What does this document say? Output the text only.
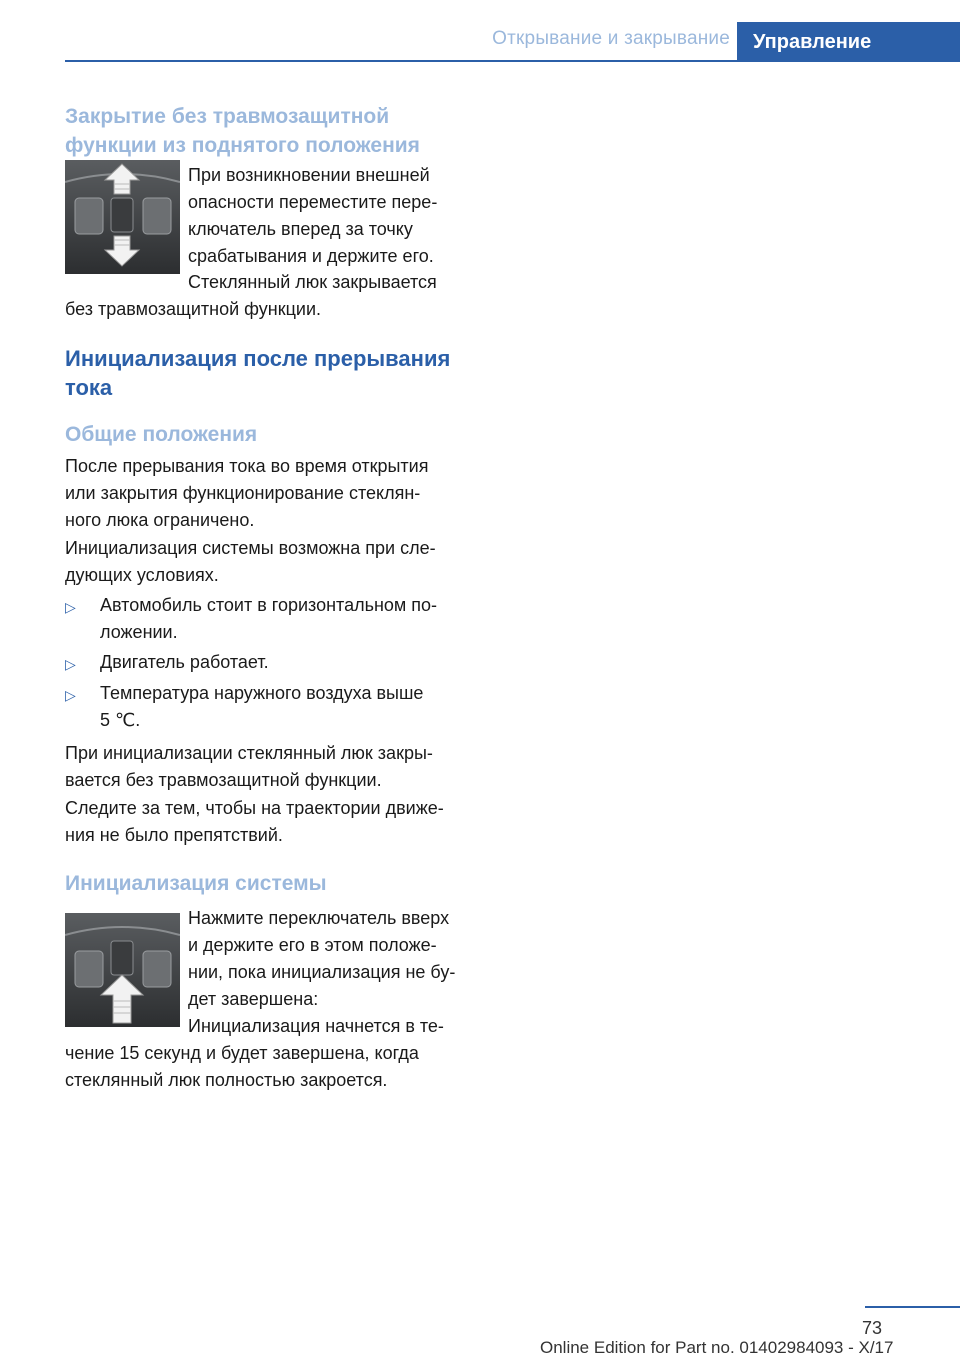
Открывание и закрывание	Управление
Закрытие без травмозащитной
функции из поднятого положения
При возникновении внешней
опасности переместите пере‐
ключатель вперед за точку
срабатывания и держите его.
Стеклянный люк закрывается
без травмозащитной функции.
Инициализация после прерывания
тока
Общие положения
После прерывания тока во время открытия
или закрытия функционирование стеклян‐
ного люка ограничено.
Инициализация системы возможна при сле‐
дующих условиях.
▷ Автомобиль стоит в горизонтальном по‐
ложении.
▷ Двигатель работает.
▷ Температура наружного воздуха выше
5 ℃.
При инициализации стеклянный люк закры‐
вается без травмозащитной функции.
Следите за тем, чтобы на траектории движе‐
ния не было препятствий.
Инициализация системы
Нажмите переключатель вверх
и держите его в этом положе‐
нии, пока инициализация не бу‐
дет завершена:
Инициализация начнется в те‐
чение 15 секунд и будет завершена, когда
стеклянный люк полностью закроется.
73
Online Edition for Part no. 01402984093 - X/17
